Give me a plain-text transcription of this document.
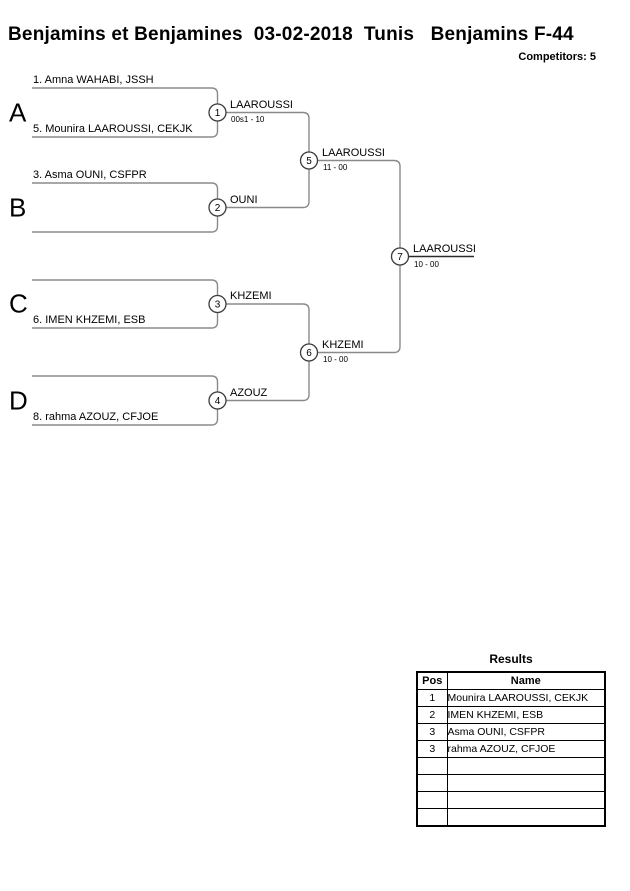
Benjamins et Benjamines  03-02-2018  Tunis   Benjamins F-44
Competitors: 5
1
2
3
4
5
6
7
A
B
C
D
1. Amna WAHABI, JSSH
5. Mounira LAAROUSSI, CEKJK
3. Asma OUNI, CSFPR
6. IMEN KHZEMI, ESB
8. rahma AZOUZ, CFJOE
LAAROUSSI
00s1 - 10
OUNI
KHZEMI
AZOUZ
LAAROUSSI
11 - 00
KHZEMI
10 - 00
LAAROUSSI
10 - 00
Results
Pos	Name
1	Mounira LAAROUSSI, CEKJK
2	IMEN KHZEMI, ESB
3	Asma OUNI, CSFPR
3	rahma AZOUZ, CFJOE
